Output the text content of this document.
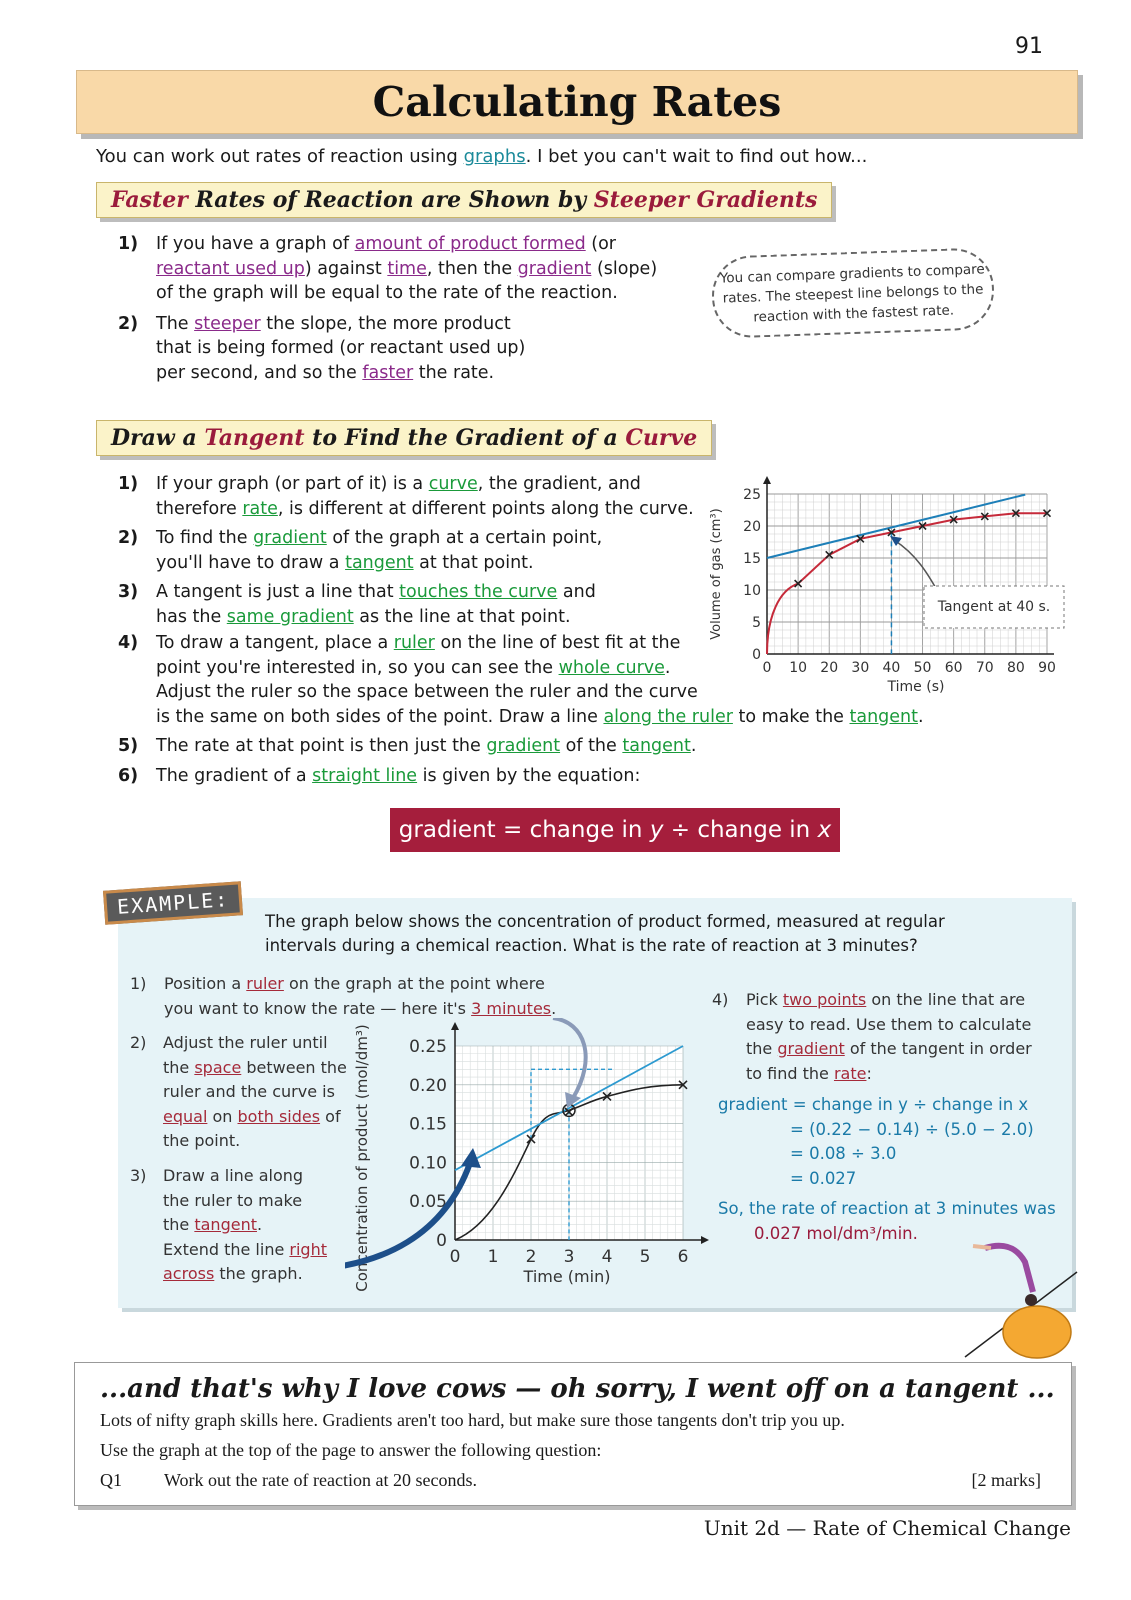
91
Calculating Rates
You can work out rates of reaction using graphs. I bet you can't wait to find out how...
Faster Rates of Reaction are Shown by Steeper Gradients
1) If you have a graph of amount of product formed (or
reactant used up) against time, then the gradient (slope)
of the graph will be equal to the rate of the reaction.
2) The steeper the slope, the more product
that is being formed (or reactant used up)
per second, and so the faster the rate.
You can compare gradients to compare
rates. The steepest line belongs to the
reaction with the fastest rate.
Draw a Tangent to Find the Gradient of a Curve
1) If your graph (or part of it) is a curve, the gradient, and
therefore rate, is different at different points along the curve.
2) To find the gradient of the graph at a certain point,
you'll have to draw a tangent at that point.
3) A tangent is just a line that touches the curve and
has the same gradient as the line at that point.
4) To draw a tangent, place a ruler on the line of best fit at the
point you're interested in, so you can see the whole curve.
Adjust the ruler so the space between the ruler and the curve
is the same on both sides of the point. Draw a line along the ruler to make the tangent.
5) The rate at that point is then just the gradient of the tangent.
6) The gradient of a straight line is given by the equation:
0 10 20 30 40 50 60 70 80 90
0
5
10
15
20
25
Volume of gas (cm³)
Time (s)
Tangent at 40 s.
gradient = change in y ÷ change in x
EXAMPLE:
The graph below shows the concentration of product formed, measured at regular
intervals during a chemical reaction. What is the rate of reaction at 3 minutes?
1) Position a ruler on the graph at the point where
you want to know the rate — here it's 3 minutes.
2) Adjust the ruler until
the space between the
ruler and the curve is
equal on both sides of
the point.
3) Draw a line along
the ruler to make
the tangent.
Extend the line right
across the graph.
4) Pick two points on the line that are
easy to read. Use them to calculate
the gradient of the tangent in order
to find the rate:
gradient = change in y ÷ change in x
= (0.22 − 0.14) ÷ (5.0 − 2.0)
= 0.08 ÷ 3.0
= 0.027
So, the rate of reaction at 3 minutes was
0.027 mol/dm³/min.
0 1 2 3 4 5 6
0
0.05
0.10
0.15
0.20
0.25
Concentration of product (mol/dm³)	Time (min)
...and that's why I love cows — oh sorry, I went off on a tangent ...
Lots of nifty graph skills here. Gradients aren't too hard, but make sure those tangents don't trip you up.
Use the graph at the top of the page to answer the following question:
Q1 Work out the rate of reaction at 20 seconds.	[2 marks]
Unit 2d — Rate of Chemical Change
